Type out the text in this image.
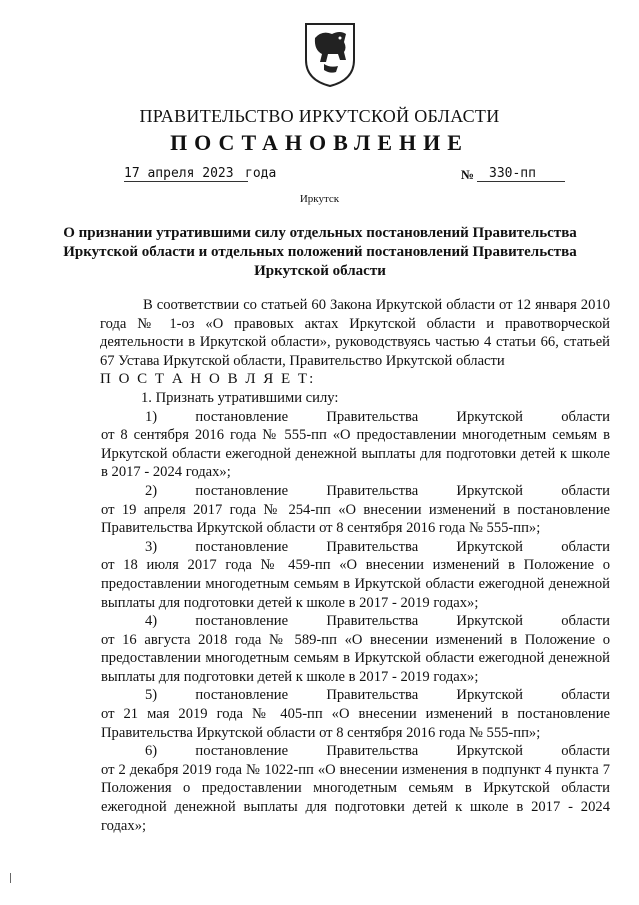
ПРАВИТЕЛЬСТВО ИРКУТСКОЙ ОБЛАСТИ
ПОСТАНОВЛЕНИЕ
17 апреля 2023 года	№	330-пп
Иркутск
О признании утратившими силу отдельных постановлений Правительства Иркутской области и отдельных положений постановлений Правительства Иркутской области

В соответствии со статьей 60 Закона Иркутской области от 12 января 2010 года № 1-оз «О правовых актах Иркутской области и правотворческой деятельности в Иркутской области», руководствуясь частью 4 статьи 66, статьей 67 Устава Иркутской области, Правительство Иркутской области

П О С Т А Н О В Л Я Е Т:

1. Признать утратившими силу:

1)	постановление	Правительства	Иркутской	области

от 8 сентября 2016 года № 555-пп «О предоставлении многодетным семьям в Иркутской области ежегодной денежной выплаты для подготовки детей к школе в 2017 - 2024 годах»;

2)	постановление	Правительства	Иркутской	области

от 19 апреля 2017 года № 254-пп «О внесении изменений в постановление Правительства Иркутской области от 8 сентября 2016 года № 555-пп»;

3)	постановление	Правительства	Иркутской	области

от 18 июля 2017 года № 459-пп «О внесении изменений в Положение о предоставлении многодетным семьям в Иркутской области ежегодной денежной выплаты для подготовки детей к школе в 2017 - 2019 годах»;

4)	постановление	Правительства	Иркутской	области

от 16 августа 2018 года № 589-пп «О внесении изменений в Положение о предоставлении многодетным семьям в Иркутской области ежегодной денежной выплаты для подготовки детей к школе в 2017 - 2019 годах»;

5)	постановление	Правительства	Иркутской	области

от 21 мая 2019 года № 405-пп «О внесении изменений в постановление Правительства Иркутской области от 8 сентября 2016 года № 555-пп»;

6)	постановление	Правительства	Иркутской	области

от 2 декабря 2019 года № 1022-пп «О внесении изменения в подпункт 4 пункта 7 Положения о предоставлении многодетным семьям в Иркутской области ежегодной денежной выплаты для подготовки детей к школе в 2017 - 2024 годах»;
